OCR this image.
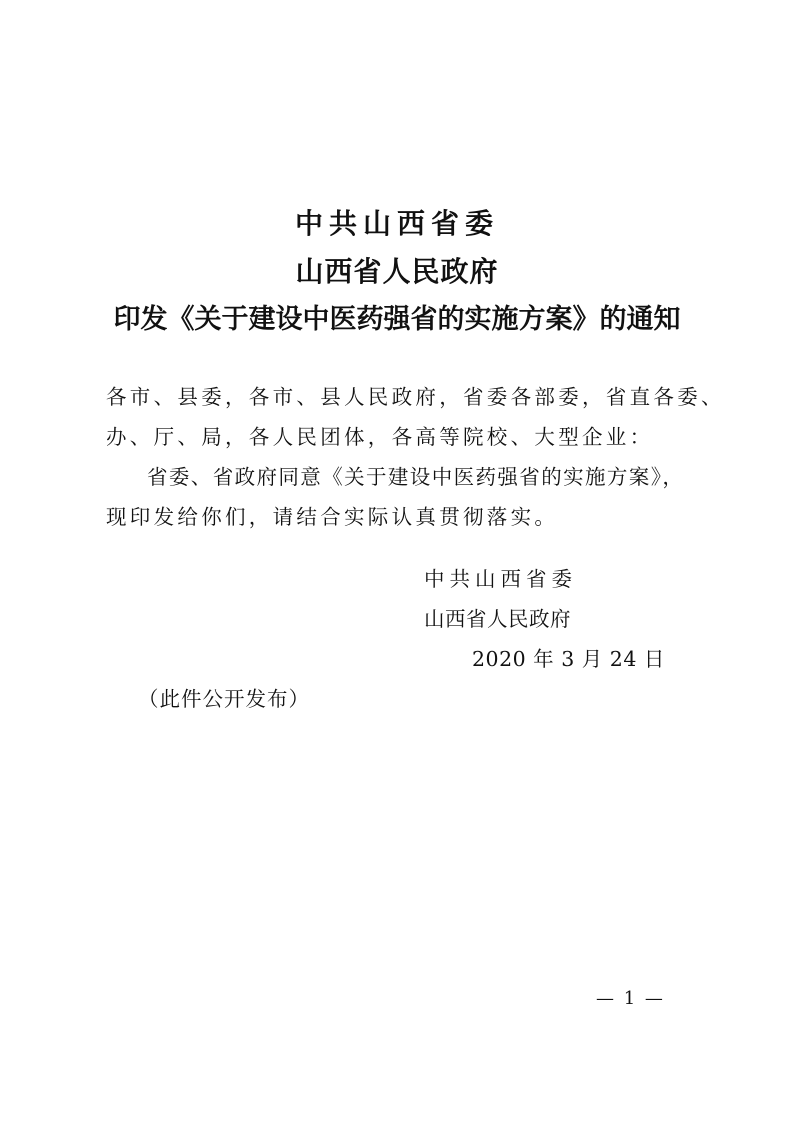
中共山西省委
山西省人民政府
印发《关于建设中医药强省的实施方案》的通知
各市、县委，各市、县人民政府，省委各部委，省直各委、
办、厅、局，各人民团体，各高等院校、大型企业：
省委、省政府同意《关于建设中医药强省的实施方案》，
现印发给你们，请结合实际认真贯彻落实。
中共山西省委
山西省人民政府
2020 年 3 月 24 日
（此件公开发布）
— 1 —
